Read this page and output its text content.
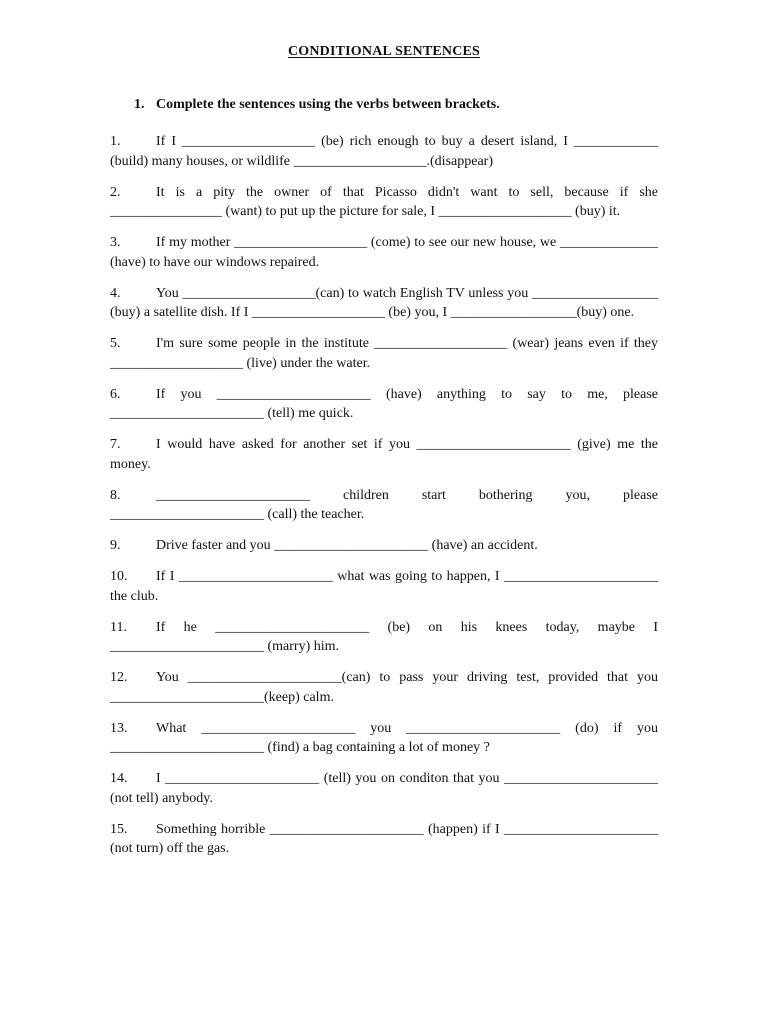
CONDITIONAL SENTENCES
1. Complete the sentences using the verbs between brackets.
1.	If I ___________________ (be) rich enough to buy a desert island, I ____________ (build) many houses, or wildlife ___________________.(disappear)
2.	It is a pity the owner of that Picasso didn't want to sell, because if she ________________ (want) to put up the picture for sale, I ___________________ (buy) it.
3.	If my mother ___________________ (come) to see our new house, we ______________ (have) to have our windows repaired.
4.	You ___________________(can) to watch English TV unless you __________________ (buy) a satellite dish. If I ___________________ (be) you, I __________________(buy) one.
5.	I'm sure some people in the institute ___________________ (wear) jeans even if they ___________________ (live) under the water.
6.	If you ______________________ (have) anything to say to me, please ______________________ (tell) me quick.
7.	I would have asked for another set if you ______________________ (give) me the money.
8.	______________________ children start bothering you, please ______________________ (call) the teacher.
9.	Drive faster and you ______________________ (have) an accident.
10.	If I ______________________ what was going to happen, I ______________________ the club.
11.	If he ______________________ (be) on his knees today, maybe I ______________________ (marry) him.
12.	You ______________________(can) to pass your driving test, provided that you ______________________(keep) calm.
13.	What ______________________ you ______________________ (do) if you ______________________ (find) a bag containing a lot of money ?
14.	I ______________________ (tell) you on conditon that you ______________________ (not tell) anybody.
15.	Something horrible ______________________ (happen) if I ______________________ (not turn) off the gas.
